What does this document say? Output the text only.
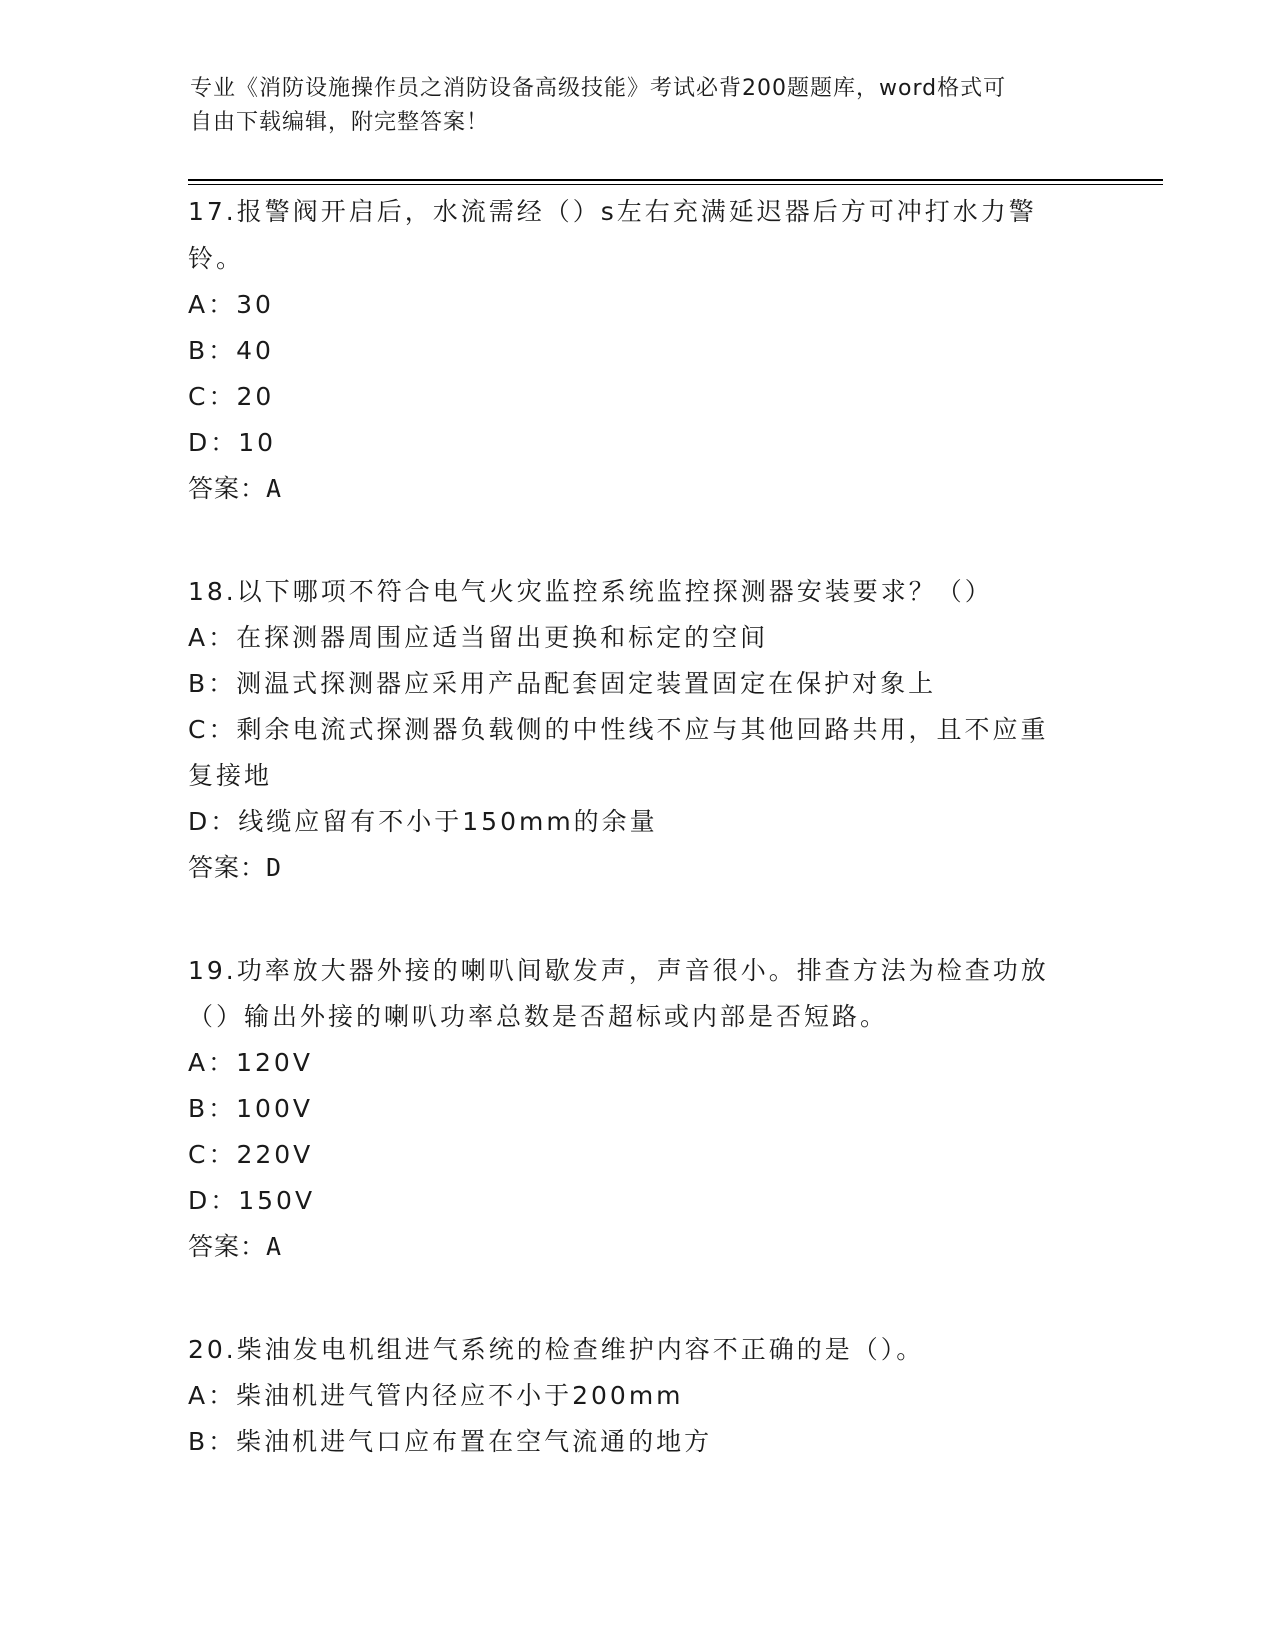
专业《消防设施操作员之消防设备高级技能》考试必背200题题库，word格式可
自由下载编辑，附完整答案！
17.报警阀开启后，水流需经（）s左右充满延迟器后方可冲打水力警
铃。
A：30
B：40
C：20
D：10
答案：A
18.以下哪项不符合电气火灾监控系统监控探测器安装要求？（）
A：在探测器周围应适当留出更换和标定的空间
B：测温式探测器应采用产品配套固定装置固定在保护对象上
C：剩余电流式探测器负载侧的中性线不应与其他回路共用，且不应重
复接地
D：线缆应留有不小于150mm的余量
答案：D
19.功率放大器外接的喇叭间歇发声，声音很小。排查方法为检查功放
（）输出外接的喇叭功率总数是否超标或内部是否短路。
A：120V
B：100V
C：220V
D：150V
答案：A
20.柴油发电机组进气系统的检查维护内容不正确的是（）。
A：柴油机进气管内径应不小于200mm
B：柴油机进气口应布置在空气流通的地方
